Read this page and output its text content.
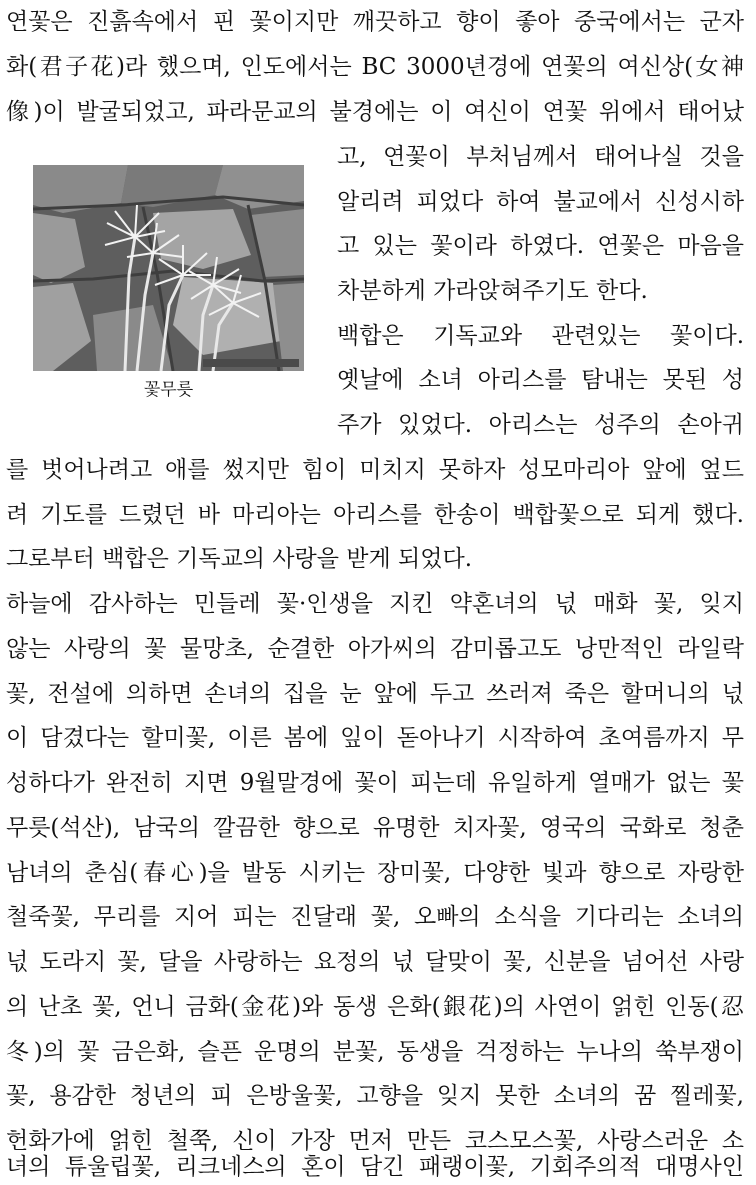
연꽃은 진흙속에서 핀 꽃이지만 깨끗하고 향이 좋아 중국에서는 군자
화(君子花)라 했으며, 인도에서는 BC 3000년경에 연꽃의 여신상(女神
像)이 발굴되었고, 파라문교의 불경에는 이 여신이 연꽃 위에서 태어났
고, 연꽃이 부처님께서 태어나실 것을
알리려 피었다 하여 불교에서 신성시하
고 있는 꽃이라 하였다. 연꽃은 마음을
차분하게 가라앉혀주기도 한다.
백합은 기독교와 관련있는 꽃이다.
옛날에 소녀 아리스를 탐내는 못된 성
주가 있었다. 아리스는 성주의 손아귀
를 벗어나려고 애를 썼지만 힘이 미치지 못하자 성모마리아 앞에 엎드
려 기도를 드렸던 바 마리아는 아리스를 한송이 백합꽃으로 되게 했다.
그로부터 백합은 기독교의 사랑을 받게 되었다.
하늘에 감사하는 민들레 꽃·인생을 지킨 약혼녀의 넋 매화 꽃, 잊지
않는 사랑의 꽃 물망초, 순결한 아가씨의 감미롭고도 낭만적인 라일락
꽃, 전설에 의하면 손녀의 집을 눈 앞에 두고 쓰러져 죽은 할머니의 넋
이 담겼다는 할미꽃, 이른 봄에 잎이 돋아나기 시작하여 초여름까지 무
성하다가 완전히 지면 9월말경에 꽃이 피는데 유일하게 열매가 없는 꽃
무릇(석산), 남국의 깔끔한 향으로 유명한 치자꽃, 영국의 국화로 청춘
남녀의 춘심(春心)을 발동 시키는 장미꽃, 다양한 빛과 향으로 자랑한
철죽꽃, 무리를 지어 피는 진달래 꽃, 오빠의 소식을 기다리는 소녀의
넋 도라지 꽃, 달을 사랑하는 요정의 넋 달맞이 꽃, 신분을 넘어선 사랑
의 난초 꽃, 언니 금화(金花)와 동생 은화(銀花)의 사연이 얽힌 인동(忍
冬)의 꽃 금은화, 슬픈 운명의 분꽃, 동생을 걱정하는 누나의 쑥부쟁이
꽃, 용감한 청년의 피 은방울꽃, 고향을 잊지 못한 소녀의 꿈 찔레꽃,
헌화가에 얽힌 철쭉, 신이 가장 먼저 만든 코스모스꽃, 사랑스러운 소
녀의 튜울립꽃, 리크네스의 혼이 담긴 패랭이꽃, 기회주의적 대명사인
꽃무릇
